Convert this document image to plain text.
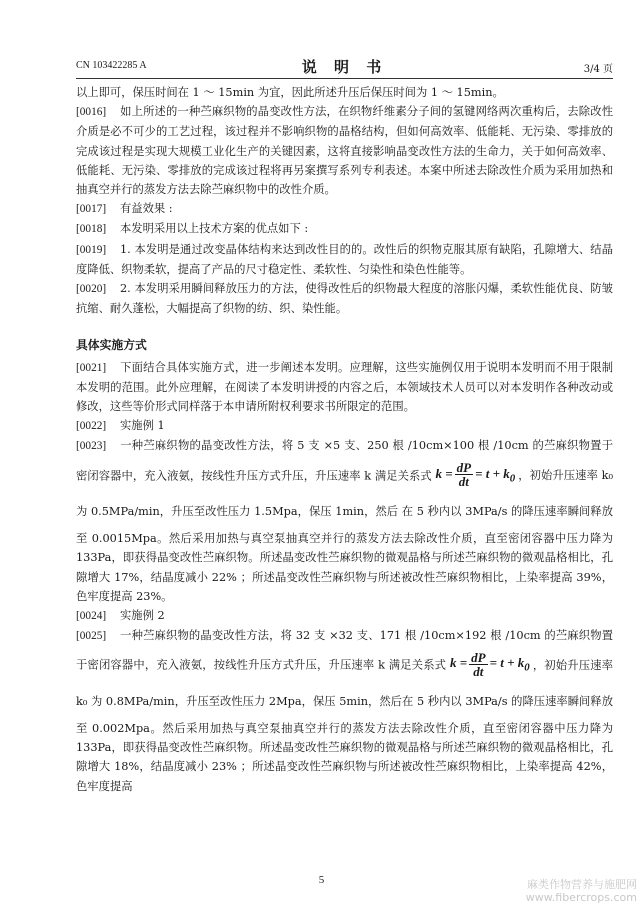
CN 103422285 A	说 明 书	3/4 页

以上即可，保压时间在 1 ～ 15min 为宜，因此所述升压后保压时间为 1 ～ 15min。

[ 0016 ] 如上所述的一种苎麻织物的晶变改性方法，在织物纤维素分子间的氢键网络两次重构后，去除改性介质是必不可少的工艺过程，该过程并不影响织物的晶格结构，但如何高效率、低能耗、无污染、零排放的完成该过程是实现大规模工业化生产的关键因素，这将直接影响晶变改性方法的生命力，关于如何高效率、低能耗、无污染、零排放的完成该过程将再另案撰写系列专利表述。本案中所述去除改性介质为采用加热和抽真空并行的蒸发方法去除苎麻织物中的改性介质。

[ 0017 ] 有益效果 :

[ 0018 ] 本发明采用以上技术方案的优点如下 :

[ 0019 ] 1. 本发明是通过改变晶体结构来达到改性目的的。改性后的织物克服其原有缺陷，孔隙增大、结晶度降低、织物柔软，提高了产品的尺寸稳定性、柔软性、匀染性和染色性能等。

[ 0020 ] 2. 本发明采用瞬间释放压力的方法，使得改性后的织物最大程度的溶胀闪爆，柔软性能优良、防皱抗缩、耐久蓬松，大幅提高了织物的纺、织、染性能。

具体实施方式

[ 0021 ] 下面结合具体实施方式，进一步阐述本发明。应理解，这些实施例仅用于说明本发明而不用于限制本发明的范围。此外应理解，在阅读了本发明讲授的内容之后，本领域技术人员可以对本发明作各种改动或修改，这些等价形式同样落于本申请所附权利要求书所限定的范围。

[ 0022 ] 实施例 1

[ 0023 ] 一种苎麻织物的晶变改性方法，将 5 支 ×5 支、250 根 /10cm×100 根 /10cm 的苎麻织物置于密闭容器中，充入液氨，按线性升压方式升压，升压速率 k 满足关系式 $k = \frac{dP}{dt} = t + k_0$ ，初始升压速率 k₀ 为 0.5MPa/min，升压至改性压力 1.5Mpa，保压 1min，然后 在 5 秒内以 3MPa/s 的降压速率瞬间释放至 0.0015Mpa。然后采用加热与真空泵抽真空并行的蒸发方法去除改性介质，直至密闭容器中压力降为 133Pa，即获得晶变改性苎麻织物。所述晶变改性苎麻织物的微观晶格与所述苎麻织物的微观晶格相比，孔隙增大 17%，结晶度减小 22% ；所述晶变改性苎麻织物与所述被改性苎麻织物相比，上染率提高 39%，色牢度提高 23%。

[ 0024 ] 实施例 2

[ 0025 ] 一种苎麻织物的晶变改性方法，将 32 支 ×32 支、171 根 /10cm×192 根 /10cm 的苎麻织物置于密闭容器中，充入液氨，按线性升压方式升压，升压速率 k 满足关系式 $k = \frac{dP}{dt} = t + k_0$ ，初始升压速率 k₀ 为 0.8MPa/min，升压至改性压力 2Mpa，保压 5min，然后在 5 秒内以 3MPa/s 的降压速率瞬间释放至 0.002Mpa。然后采用加热与真空泵抽真空并行的蒸发方法去除改性介质，直至密闭容器中压力降为 133Pa，即获得晶变改性苎麻织物。所述晶变改性苎麻织物的微观晶格与所述苎麻织物的微观晶格相比，孔隙增大 18%，结晶度减小 23% ；所述晶变改性苎麻织物与所述被改性苎麻织物相比，上染率提高 42%，色牢度提高

5	麻类作物营养与施肥网
www.fibercrops.com
